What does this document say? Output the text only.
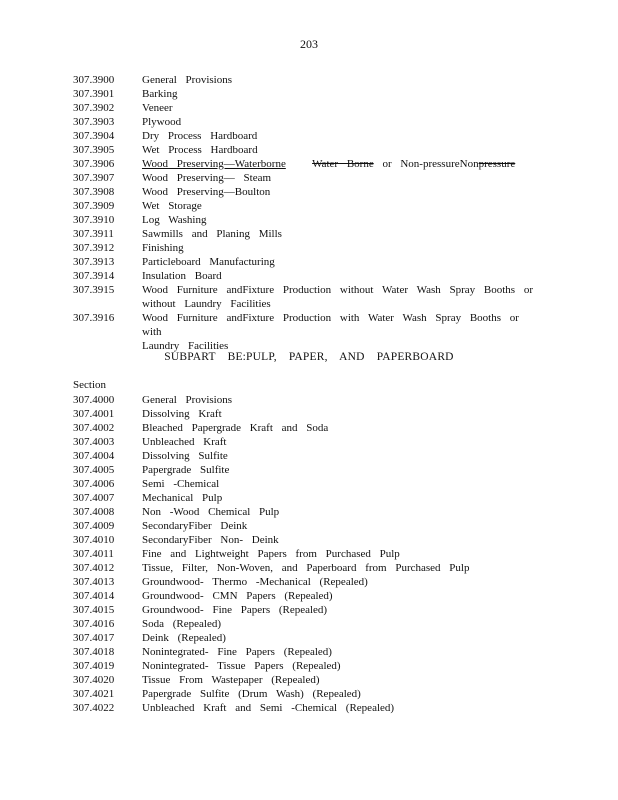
203
307.3900	General Provisions
307.3901	Barking
307.3902	Veneer
307.3903	Plywood
307.3904	Dry Process Hardboard
307.3905	Wet Process Hardboard
307.3906	Wood Preserving—Waterborne Water Borne or Non-pressureNonpressure
307.3907	Wood Preserving— Steam
307.3908	Wood Preserving—Boulton
307.3909	Wet Storage
307.3910	Log Washing
307.3911	Sawmills and Planing Mills
307.3912	Finishing
307.3913	Particleboard Manufacturing
307.3914	Insulation Board
307.3915	Wood Furniture andFixture Production without Water Wash Spray Booths or
without Laundry Facilities
307.3916	Wood Furniture andFixture Production with Water Wash Spray Booths or with
Laundry Facilities
SUBPART BE:PULP, PAPER, AND PAPERBOARD
Section
307.4000	General Provisions
307.4001	Dissolving Kraft
307.4002	Bleached Papergrade Kraft and Soda
307.4003	Unbleached Kraft
307.4004	Dissolving Sulfite
307.4005	Papergrade Sulfite
307.4006	Semi -Chemical
307.4007	Mechanical Pulp
307.4008	Non -Wood Chemical Pulp
307.4009	SecondaryFiber Deink
307.4010	SecondaryFiber Non- Deink
307.4011	Fine and Lightweight Papers from Purchased Pulp
307.4012	Tissue, Filter, Non-Woven, and Paperboard from Purchased Pulp
307.4013	Groundwood- Thermo -Mechanical (Repealed)
307.4014	Groundwood- CMN Papers (Repealed)
307.4015	Groundwood- Fine Papers (Repealed)
307.4016	Soda (Repealed)
307.4017	Deink (Repealed)
307.4018	Nonintegrated- Fine Papers (Repealed)
307.4019	Nonintegrated- Tissue Papers (Repealed)
307.4020	Tissue From Wastepaper (Repealed)
307.4021	Papergrade Sulfite (Drum Wash) (Repealed)
307.4022	Unbleached Kraft and Semi -Chemical (Repealed)
